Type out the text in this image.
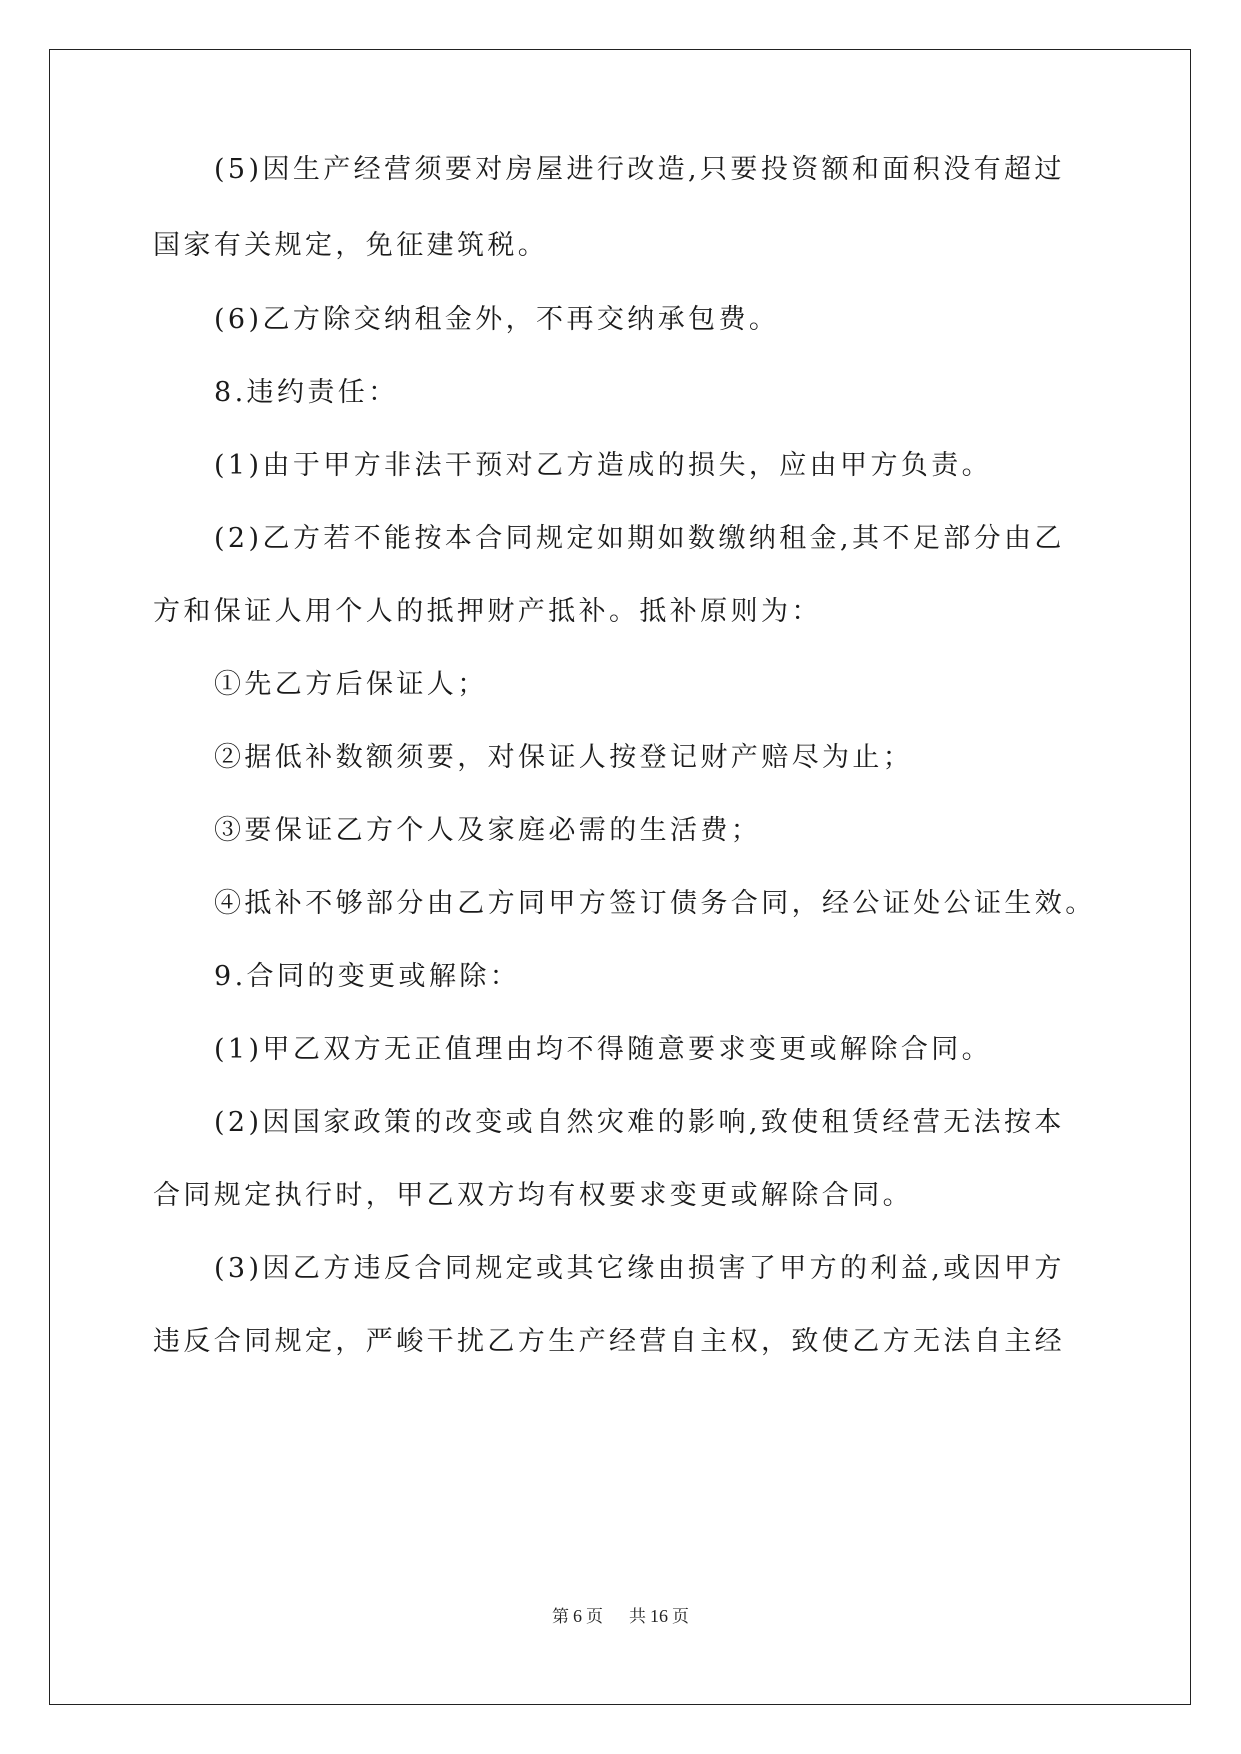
(5)因生产经营须要对房屋进行改造,只要投资额和面积没有超过
国家有关规定，免征建筑税。
(6)乙方除交纳租金外，不再交纳承包费。
8.违约责任：
(1)由于甲方非法干预对乙方造成的损失，应由甲方负责。
(2)乙方若不能按本合同规定如期如数缴纳租金,其不足部分由乙
方和保证人用个人的抵押财产抵补。抵补原则为：
①先乙方后保证人；
②据低补数额须要，对保证人按登记财产赔尽为止；
③要保证乙方个人及家庭必需的生活费；
④抵补不够部分由乙方同甲方签订债务合同，经公证处公证生效。
9.合同的变更或解除：
(1)甲乙双方无正值理由均不得随意要求变更或解除合同。
(2)因国家政策的改变或自然灾难的影响,致使租赁经营无法按本
合同规定执行时，甲乙双方均有权要求变更或解除合同。
(3)因乙方违反合同规定或其它缘由损害了甲方的利益,或因甲方
违反合同规定，严峻干扰乙方生产经营自主权，致使乙方无法自主经
第 6 页 共 16 页
